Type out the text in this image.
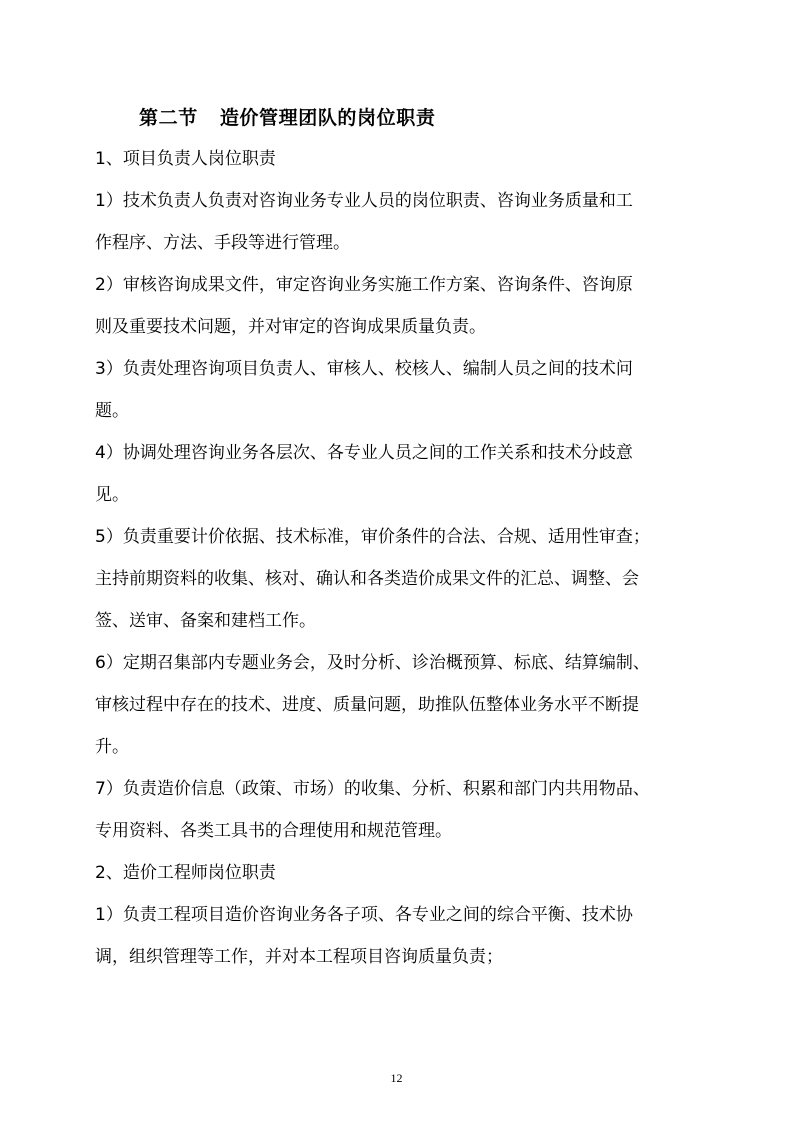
第二节 造价管理团队的岗位职责

1、项目负责人岗位职责

1）技术负责人负责对咨询业务专业人员的岗位职责、咨询业务质量和工

作程序、方法、手段等进行管理。

2）审核咨询成果文件，审定咨询业务实施工作方案、咨询条件、咨询原

则及重要技术问题，并对审定的咨询成果质量负责。

3）负责处理咨询项目负责人、审核人、校核人、编制人员之间的技术问

题。

4）协调处理咨询业务各层次、各专业人员之间的工作关系和技术分歧意

见。

5）负责重要计价依据、技术标准，审价条件的合法、合规、适用性审查；

主持前期资料的收集、核对、确认和各类造价成果文件的汇总、调整、会

签、送审、备案和建档工作。

6）定期召集部内专题业务会，及时分析、诊治概预算、标底、结算编制、

审核过程中存在的技术、进度、质量问题，助推队伍整体业务水平不断提

升。

7）负责造价信息（政策、市场）的收集、分析、积累和部门内共用物品、

专用资料、各类工具书的合理使用和规范管理。

2、造价工程师岗位职责

1）负责工程项目造价咨询业务各子项、各专业之间的综合平衡、技术协

调，组织管理等工作，并对本工程项目咨询质量负责；

12
